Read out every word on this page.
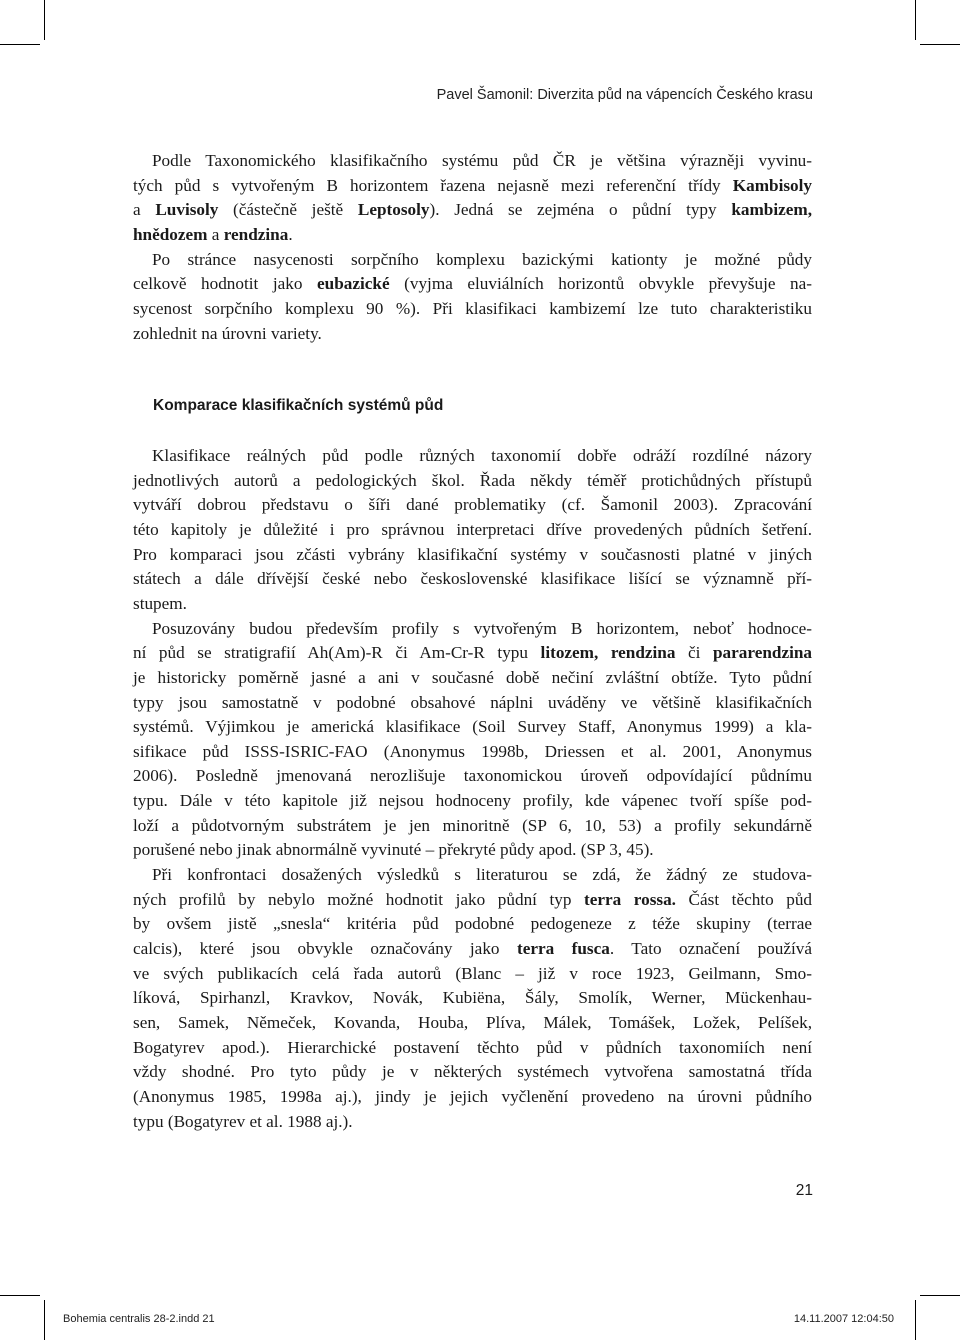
Pavel Šamonil: Diverzita půd na vápencích Českého krasu
Podle Taxonomického klasifikačního systému půd ČR je většina výrazněji vyvinu-
tých půd s vytvořeným B horizontem řazena nejasně mezi referenční třídy Kambisoly
a Luvisoly (částečně ještě Leptosoly). Jedná se zejména o půdní typy kambizem,
hnědozem a rendzina.
Po stránce nasycenosti sorpčního komplexu bazickými kationty je možné půdy
celkově hodnotit jako eubazické (vyjma eluviálních horizontů obvykle převyšuje na-
sycenost sorpčního komplexu 90 %). Při klasifikaci kambizemí lze tuto charakteristiku
zohlednit na úrovni variety.
Komparace klasifikačních systémů půd
Klasifikace reálných půd podle různých taxonomií dobře odráží rozdílné názory
jednotlivých autorů a pedologických škol. Řada někdy téměř protichůdných přístupů
vytváří dobrou představu o šíři dané problematiky (cf. Šamonil 2003). Zpracování
této kapitoly je důležité i pro správnou interpretaci dříve provedených půdních šetření.
Pro komparaci jsou zčásti vybrány klasifikační systémy v současnosti platné v jiných
státech a dále dřívější české nebo československé klasifikace lišící se významně pří-
stupem.
Posuzovány budou především profily s vytvořeným B horizontem, neboť hodnoce-
ní půd se stratigrafií Ah(Am)-R či Am-Cr-R typu litozem, rendzina či pararendzina
je historicky poměrně jasné a ani v současné době nečiní zvláštní obtíže. Tyto půdní
typy jsou samostatně v podobné obsahové náplni uváděny ve většině klasifikačních
systémů. Výjimkou je americká klasifikace (Soil Survey Staff, Anonymus 1999) a kla-
sifikace půd ISSS-ISRIC-FAO (Anonymus 1998b, Driessen et al. 2001, Anonymus
2006). Posledně jmenovaná nerozlišuje taxonomickou úroveň odpovídající půdnímu
typu. Dále v této kapitole již nejsou hodnoceny profily, kde vápenec tvoří spíše pod-
loží a půdotvorným substrátem je jen minoritně (SP 6, 10, 53) a profily sekundárně
porušené nebo jinak abnormálně vyvinuté – překryté půdy apod. (SP 3, 45).
Při konfrontaci dosažených výsledků s literaturou se zdá, že žádný ze studova-
ných profilů by nebylo možné hodnotit jako půdní typ terra rossa. Část těchto půd
by ovšem jistě „snesla“ kritéria půd podobné pedogeneze z téže skupiny (terrae
calcis), které jsou obvykle označovány jako terra fusca. Tato označení používá
ve svých publikacích celá řada autorů (Blanc – již v roce 1923, Geilmann, Smo-
líková, Spirhanzl, Kravkov, Novák, Kubiëna, Šály, Smolík, Werner, Mückenhau-
sen, Samek, Němeček, Kovanda, Houba, Plíva, Málek, Tomášek, Ložek, Pelíšek,
Bogatyrev apod.). Hierarchické postavení těchto půd v půdních taxonomiích není
vždy shodné. Pro tyto půdy je v některých systémech vytvořena samostatná třída
(Anonymus 1985, 1998a aj.), jindy je jejich vyčlenění provedeno na úrovni půdního
typu (Bogatyrev et al. 1988 aj.).
21
Bohemia centralis 28-2.indd 21	14.11.2007 12:04:50
